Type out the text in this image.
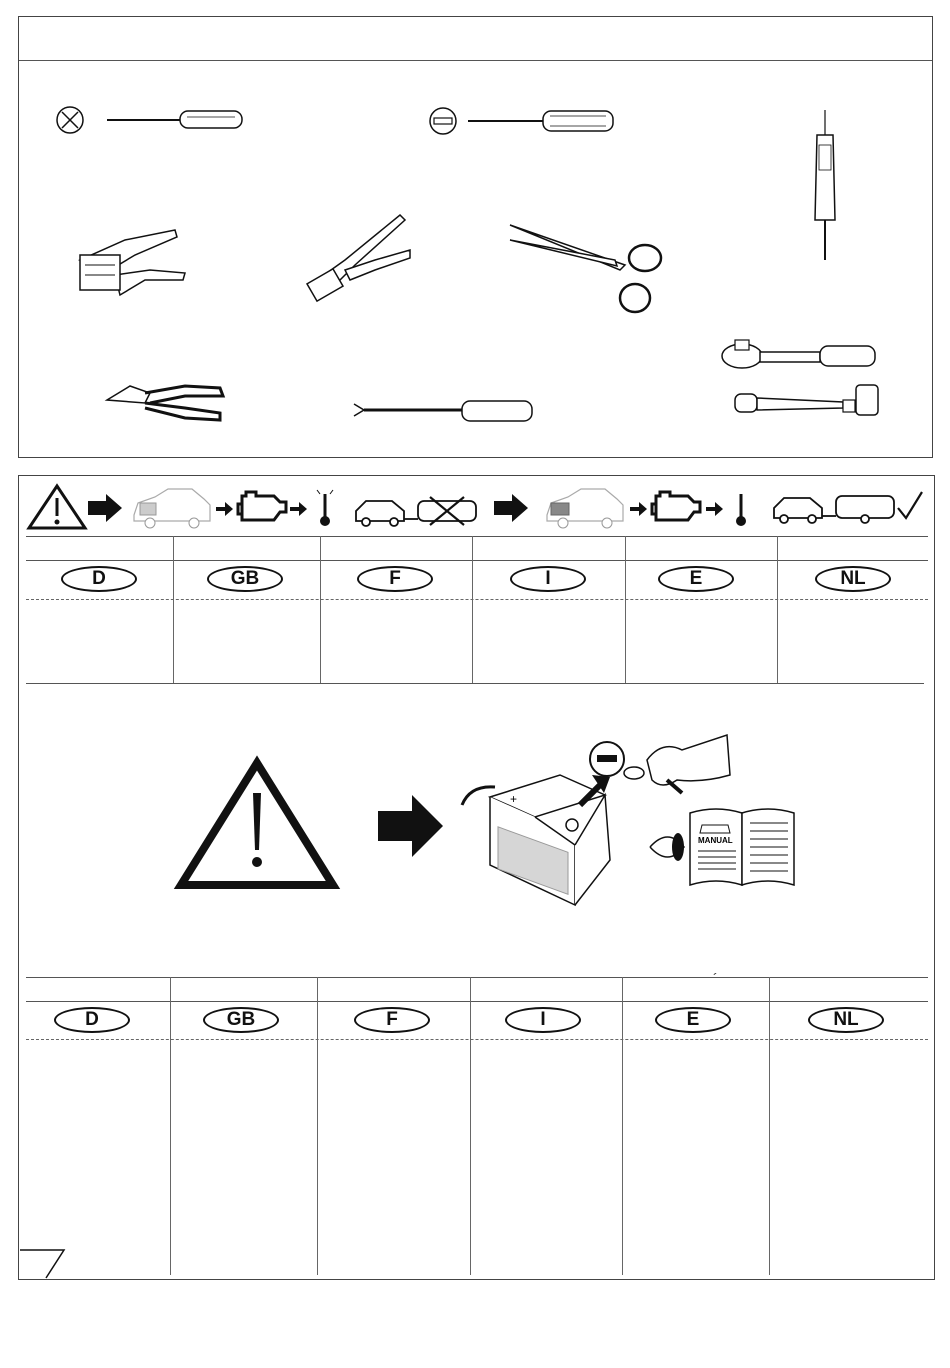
D	GB	F	I	E	NL
+
MANUAL
´
D	GB	F	I	E	NL
